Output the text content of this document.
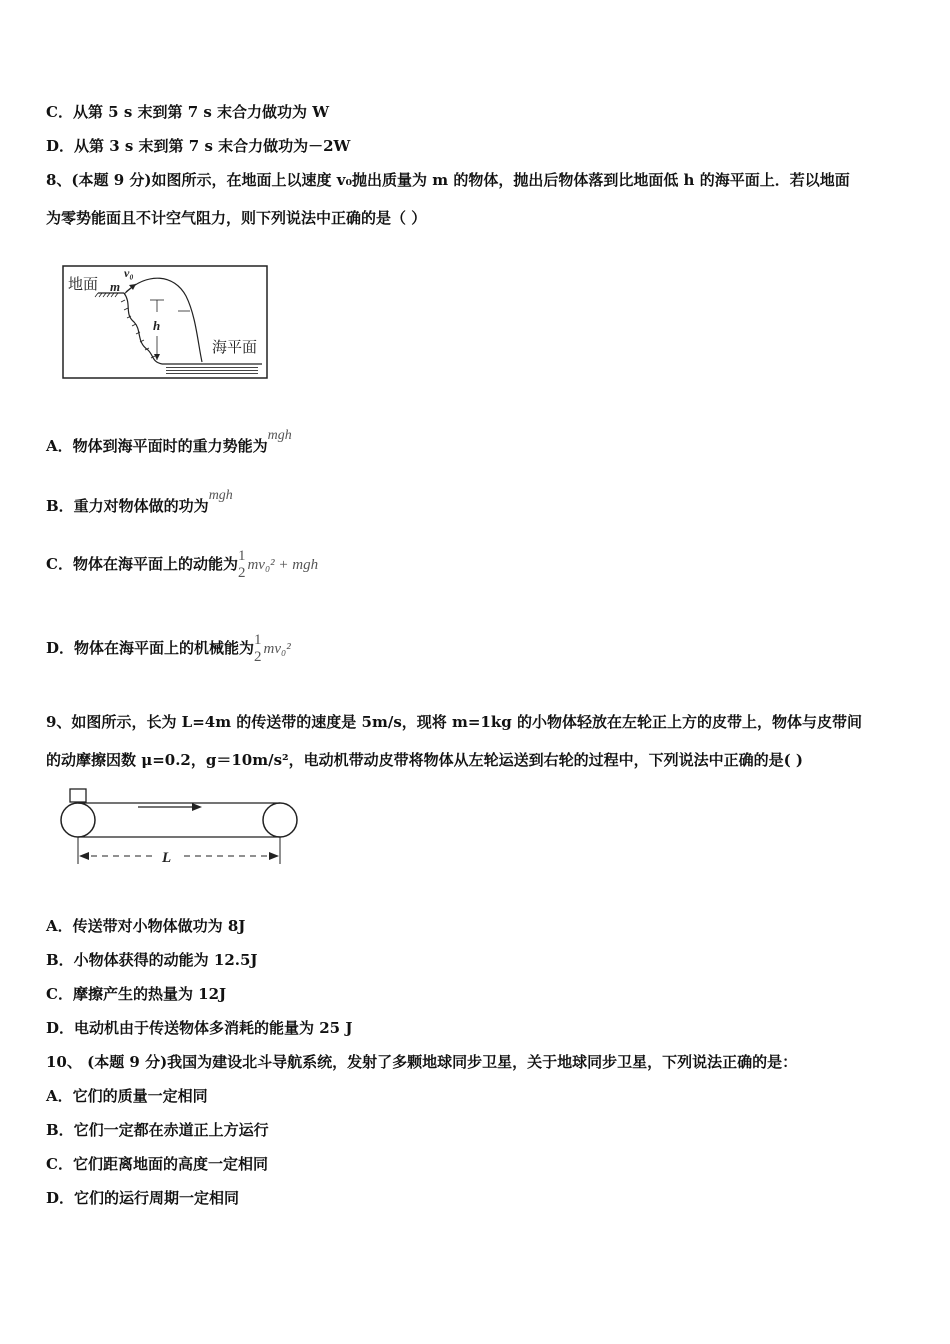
C．从第 5 s 末到第 7 s 末合力做功为 W
D．从第 3 s 末到第 7 s 末合力做功为－2W
8、(本题 9 分)如图所示，在地面上以速度 v₀抛出质量为 m 的物体，抛出后物体落到比地面低 h 的海平面上．若以地面
为零势能面且不计空气阻力，则下列说法中正确的是（ ）
地面
海平面
m
v₀
h
A．物体到海平面时的重力势能为mgh
B．重力对物体做的功为mgh
C．物体在海平面上的动能为 1
2 mv₀² + mgh
D．物体在海平面上的机械能为 1
2 mv₀²
9、如图所示，长为 L=4m 的传送带的速度是 5m/s，现将 m=1kg 的小物体轻放在左轮正上方的皮带上，物体与皮带间
的动摩擦因数 μ=0.2，g＝10m/s²，电动机带动皮带将物体从左轮运送到右轮的过程中，下列说法中正确的是( )
L
A．传送带对小物体做功为 8J
B．小物体获得的动能为 12.5J
C．摩擦产生的热量为 12J
D．电动机由于传送物体多消耗的能量为 25 J
10、 (本题 9 分)我国为建设北斗导航系统，发射了多颗地球同步卫星，关于地球同步卫星，下列说法正确的是：
A．它们的质量一定相同
B．它们一定都在赤道正上方运行
C．它们距离地面的高度一定相同
D．它们的运行周期一定相同
